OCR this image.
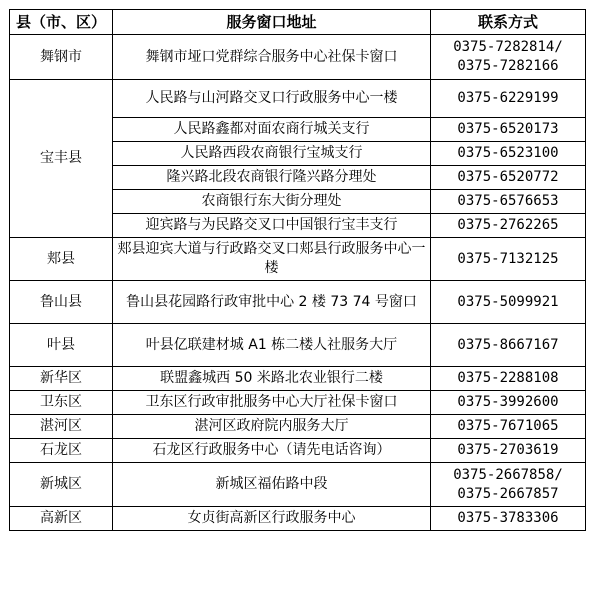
县（市、区）	服务窗口地址	联系方式
舞钢市	舞钢市垭口党群综合服务中心社保卡窗口	0375-7282814/ 0375-7282166
宝丰县	人民路与山河路交叉口行政服务中心一楼	0375-6229199
	人民路鑫都对面农商行城关支行	0375-6520173
	人民路西段农商银行宝城支行	0375-6523100
	隆兴路北段农商银行隆兴路分理处	0375-6520772
	农商银行东大街分理处	0375-6576653
	迎宾路与为民路交叉口中国银行宝丰支行	0375-2762265
郏县	郏县迎宾大道与行政路交叉口郏县行政服务中心一楼	0375-7132125
鲁山县	鲁山县花园路行政审批中心 2 楼 73 74 号窗口	0375-5099921
叶县	叶县亿联建材城 A1 栋二楼人社服务大厅	0375-8667167
新华区	联盟鑫城西 50 米路北农业银行二楼	0375-2288108
卫东区	卫东区行政审批服务中心大厅社保卡窗口	0375-3992600
湛河区	湛河区政府院内服务大厅	0375-7671065
石龙区	石龙区行政服务中心（请先电话咨询）	0375-2703619
新城区	新城区福佑路中段	0375-2667858/ 0375-2667857
高新区	女贞街高新区行政服务中心	0375-3783306
